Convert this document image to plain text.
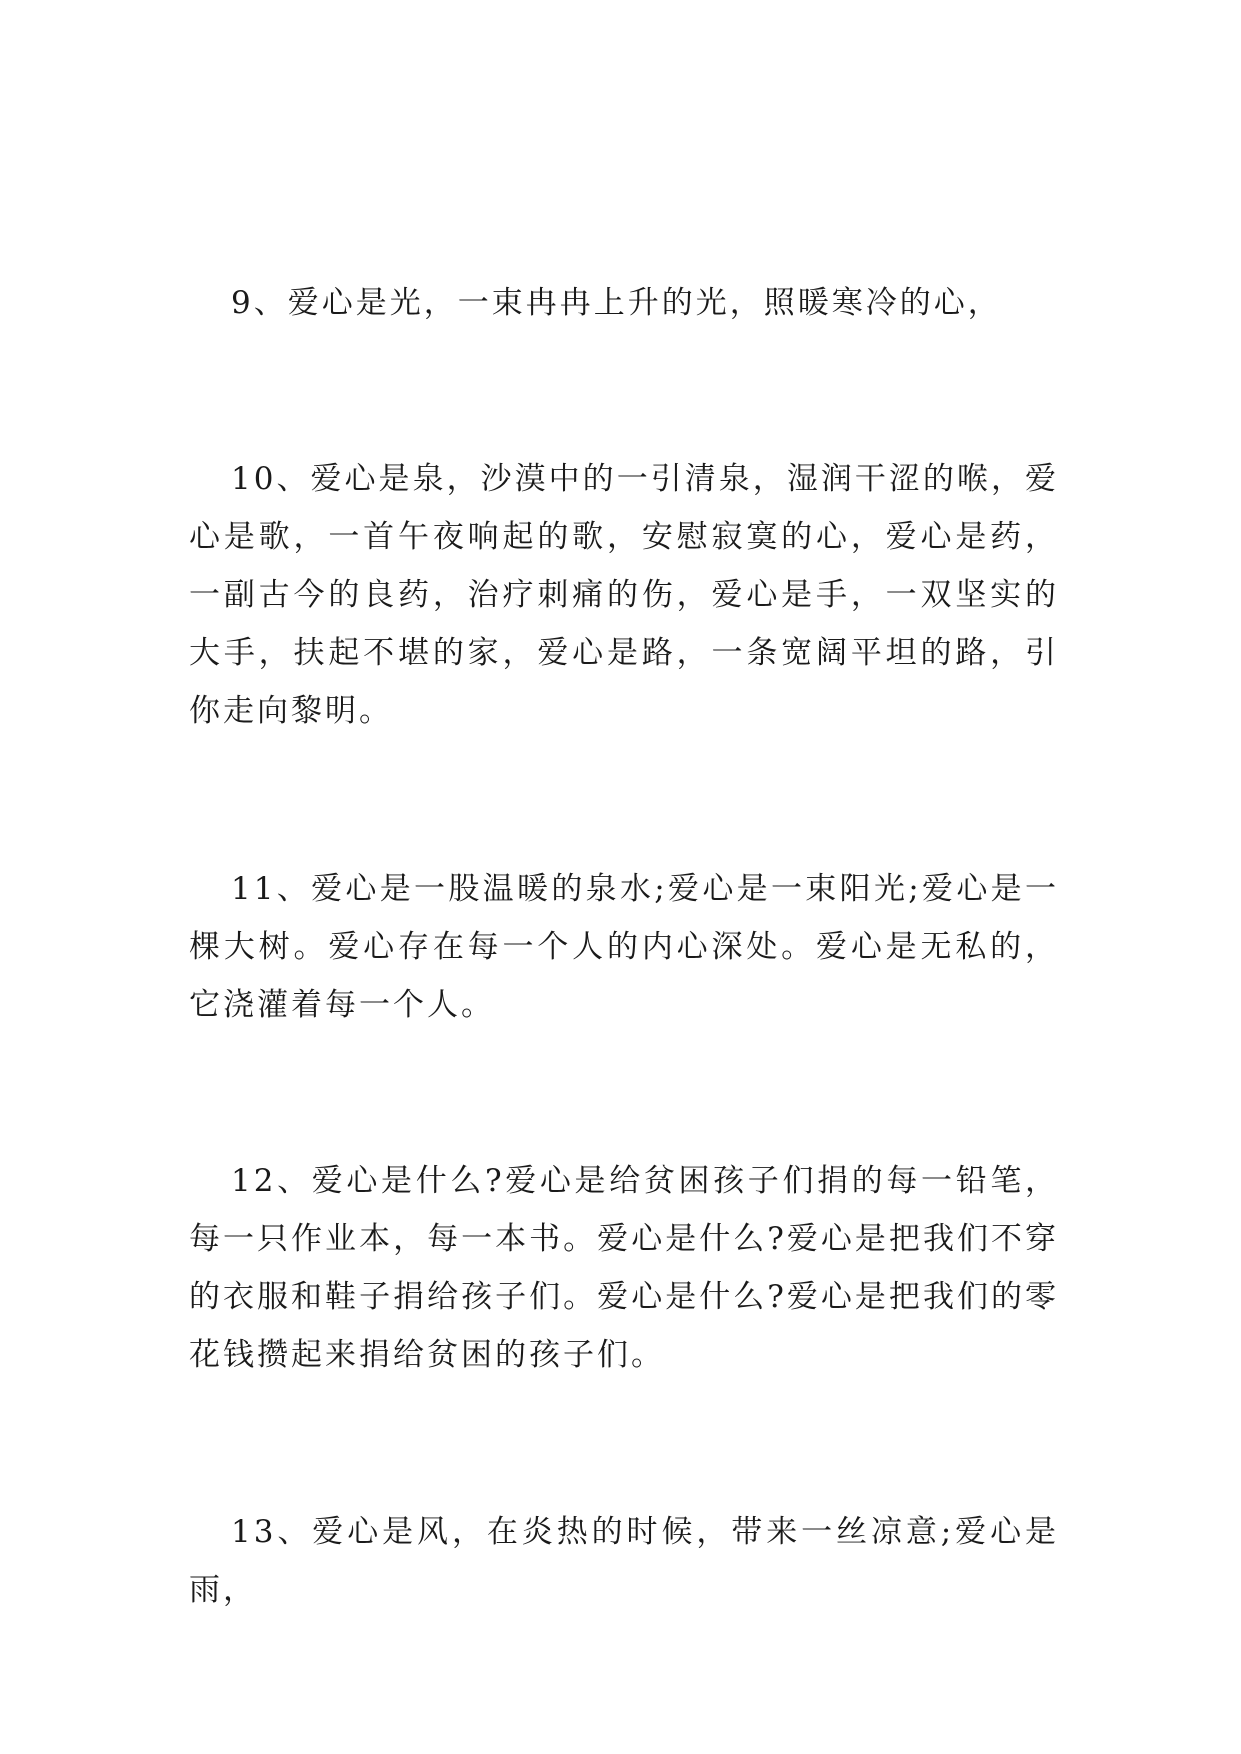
9、爱心是光，一束冉冉上升的光，照暖寒冷的心，

10、爱心是泉，沙漠中的一引清泉，湿润干涩的喉，爱心是歌，一首午夜响起的歌，安慰寂寞的心，爱心是药，一副古今的良药，治疗刺痛的伤，爱心是手，一双坚实的大手，扶起不堪的家，爱心是路，一条宽阔平坦的路，引你走向黎明。

11、爱心是一股温暖的泉水;爱心是一束阳光;爱心是一棵大树。爱心存在每一个人的内心深处。爱心是无私的，它浇灌着每一个人。

12、爱心是什么?爱心是给贫困孩子们捐的每一铅笔，每一只作业本，每一本书。爱心是什么?爱心是把我们不穿的衣服和鞋子捐给孩子们。爱心是什么?爱心是把我们的零花钱攒起来捐给贫困的孩子们。

13、爱心是风，在炎热的时候，带来一丝凉意;爱心是雨，
